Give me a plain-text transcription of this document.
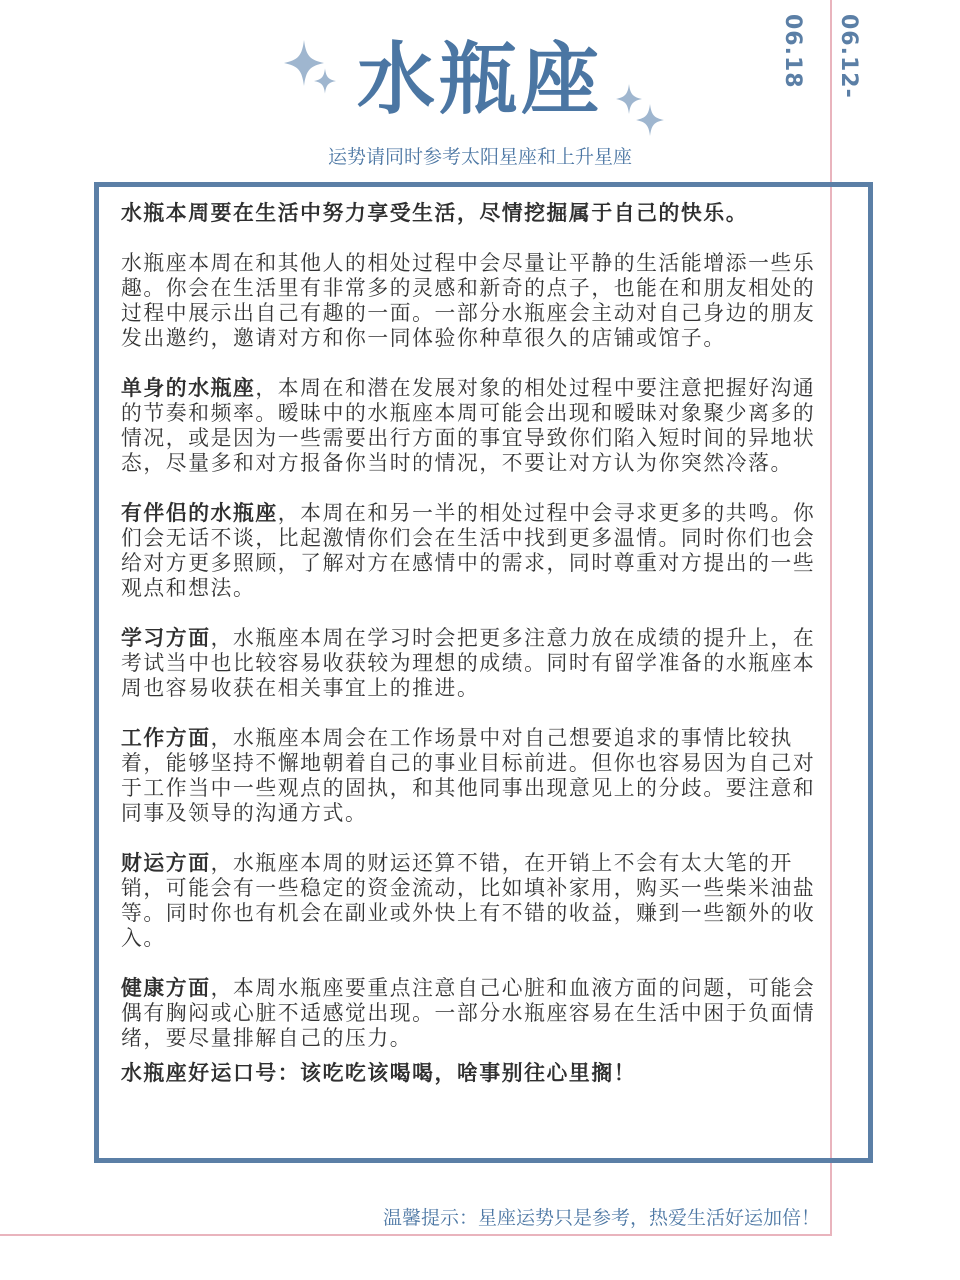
06.12-06.18
水瓶座
运势请同时参考太阳星座和上升星座

水瓶本周要在生活中努力享受生活，尽情挖掘属于自己的快乐。

水瓶座本周在和其他人的相处过程中会尽量让平静的生活能增添一些乐趣。你会在生活里有非常多的灵感和新奇的点子，也能在和朋友相处的过程中展示出自己有趣的一面。一部分水瓶座会主动对自己身边的朋友发出邀约，邀请对方和你一同体验你种草很久的店铺或馆子。

单身的水瓶座，本周在和潜在发展对象的相处过程中要注意把握好沟通的节奏和频率。暧昧中的水瓶座本周可能会出现和暧昧对象聚少离多的情况，或是因为一些需要出行方面的事宜导致你们陷入短时间的异地状态，尽量多和对方报备你当时的情况，不要让对方认为你突然冷落。

有伴侣的水瓶座，本周在和另一半的相处过程中会寻求更多的共鸣。你们会无话不谈，比起激情你们会在生活中找到更多温情。同时你们也会给对方更多照顾，了解对方在感情中的需求，同时尊重对方提出的一些观点和想法。

学习方面，水瓶座本周在学习时会把更多注意力放在成绩的提升上，在考试当中也比较容易收获较为理想的成绩。同时有留学准备的水瓶座本周也容易收获在相关事宜上的推进。

工作方面，水瓶座本周会在工作场景中对自己想要追求的事情比较执着，能够坚持不懈地朝着自己的事业目标前进。但你也容易因为自己对于工作当中一些观点的固执，和其他同事出现意见上的分歧。要注意和同事及领导的沟通方式。

财运方面，水瓶座本周的财运还算不错，在开销上不会有太大笔的开销，可能会有一些稳定的资金流动，比如填补家用，购买一些柴米油盐等。同时你也有机会在副业或外快上有不错的收益，赚到一些额外的收入。

健康方面，本周水瓶座要重点注意自己心脏和血液方面的问题，可能会偶有胸闷或心脏不适感觉出现。一部分水瓶座容易在生活中困于负面情绪，要尽量排解自己的压力。

水瓶座好运口号：该吃吃该喝喝，啥事别往心里搁！

温馨提示：星座运势只是参考，热爱生活好运加倍！
